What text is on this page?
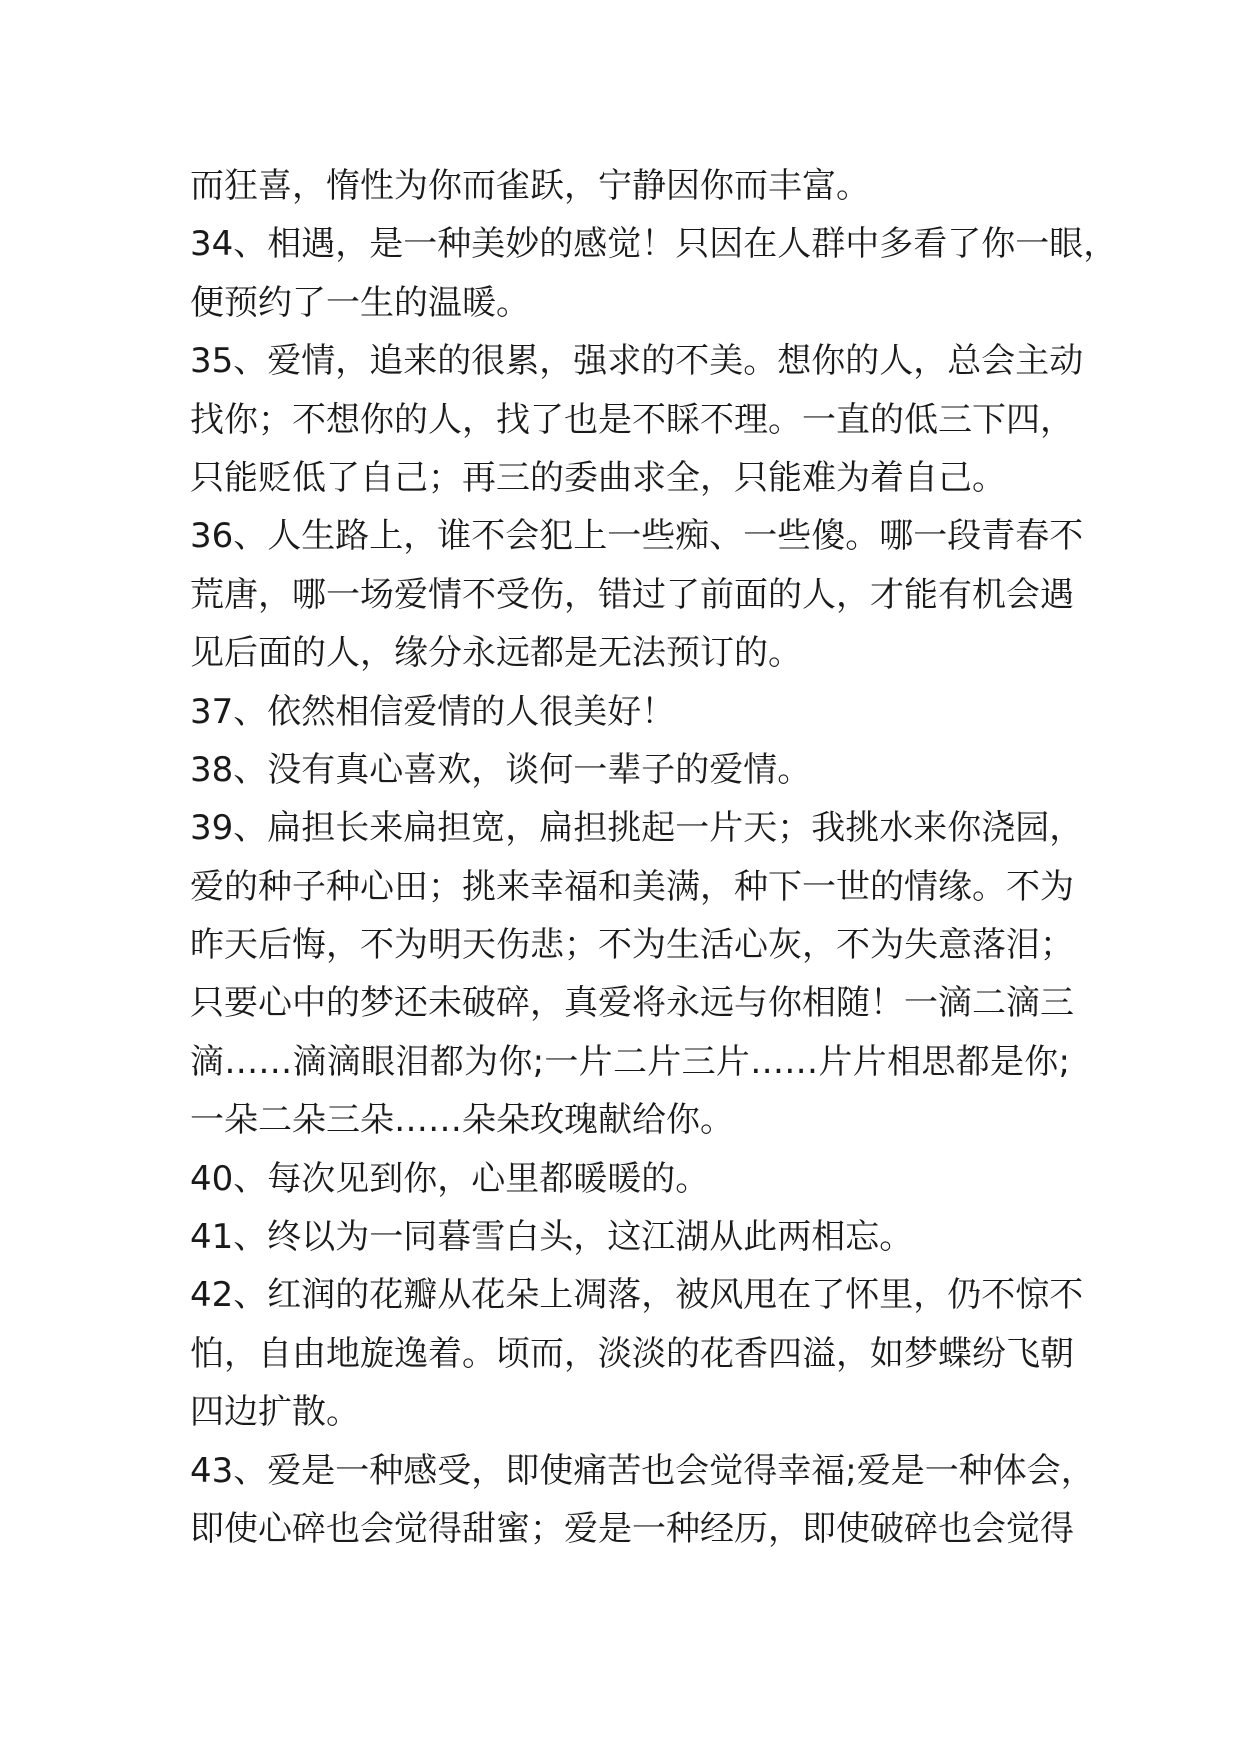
而狂喜，惰性为你而雀跃，宁静因你而丰富。
34、相遇，是一种美妙的感觉！只因在人群中多看了你一眼，
便预约了一生的温暖。
35、爱情，追来的很累，强求的不美。想你的人，总会主动
找你；不想你的人，找了也是不睬不理。一直的低三下四，
只能贬低了自己；再三的委曲求全，只能难为着自己。
36、人生路上，谁不会犯上一些痴、一些傻。哪一段青春不
荒唐，哪一场爱情不受伤，错过了前面的人，才能有机会遇
见后面的人，缘分永远都是无法预订的。
37、依然相信爱情的人很美好！
38、没有真心喜欢，谈何一辈子的爱情。
39、扁担长来扁担宽，扁担挑起一片天；我挑水来你浇园，
爱的种子种心田；挑来幸福和美满，种下一世的情缘。不为
昨天后悔，不为明天伤悲；不为生活心灰，不为失意落泪；
只要心中的梦还未破碎，真爱将永远与你相随！一滴二滴三
滴……滴滴眼泪都为你;一片二片三片……片片相思都是你;
一朵二朵三朵……朵朵玫瑰献给你。
40、每次见到你，心里都暖暖的。
41、终以为一同暮雪白头，这江湖从此两相忘。
42、红润的花瓣从花朵上凋落，被风甩在了怀里，仍不惊不
怕，自由地旋逸着。顷而，淡淡的花香四溢，如梦蝶纷飞朝
四边扩散。
43、爱是一种感受，即使痛苦也会觉得幸福;爱是一种体会，
即使心碎也会觉得甜蜜；爱是一种经历，即使破碎也会觉得
